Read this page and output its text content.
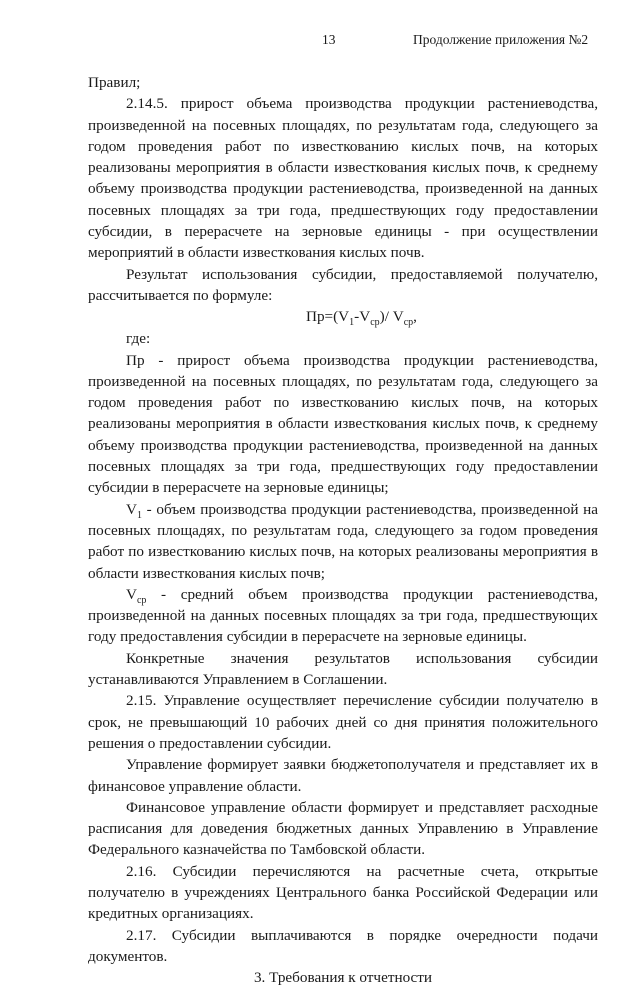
13	Продолжение приложения №2

Правил;

2.14.5. прирост объема производства продукции растениеводства, произведенной на посевных площадях, по результатам года, следующего за годом проведения работ по известкованию кислых почв, на которых реализованы мероприятия в области известкования кислых почв, к среднему объему производства продукции растениеводства, произведенной на данных посевных площадях за три года, предшествующих году предоставлении субсидии, в перерасчете на зерновые единицы - при осуществлении мероприятий в области известкования кислых почв.

Результат использования субсидии, предоставляемой получателю, рассчитывается по формуле:

$Пр=(V_1-V_{ср})/$ $V_{ср}$,

где:

Пр - прирост объема производства продукции растениеводства, произведенной на посевных площадях, по результатам года, следующего за годом проведения работ по известкованию кислых почв, на которых реализованы мероприятия в области известкования кислых почв, к среднему объему производства продукции растениеводства, произведенной на данных посевных площадях за три года, предшествующих году предоставлении субсидии в перерасчете на зерновые единицы;

$V_1$ - объем производства продукции растениеводства, произведенной на посевных площадях, по результатам года, следующего за годом проведения работ по известкованию кислых почв, на которых реализованы мероприятия в области известкования кислых почв;

$V_{ср}$ - средний объем производства продукции растениеводства, произведенной на данных посевных площадях за три года, предшествующих году предоставления субсидии в перерасчете на зерновые единицы.

Конкретные значения результатов использования субсидии устанавливаются Управлением в Соглашении.

2.15. Управление осуществляет перечисление субсидии получателю в срок, не превышающий 10 рабочих дней со дня принятия положительного решения о предоставлении субсидии.

Управление формирует заявки бюджетополучателя и представляет их в финансовое управление области.

Финансовое управление области формирует и представляет расходные расписания для доведения бюджетных данных Управлению в Управление Федерального казначейства по Тамбовской области.

2.16. Субсидии перечисляются на расчетные счета, открытые получателю в учреждениях Центрального банка Российской Федерации или кредитных организациях.

2.17. Субсидии выплачиваются в порядке очередности подачи документов.

3. Требования к отчетности
